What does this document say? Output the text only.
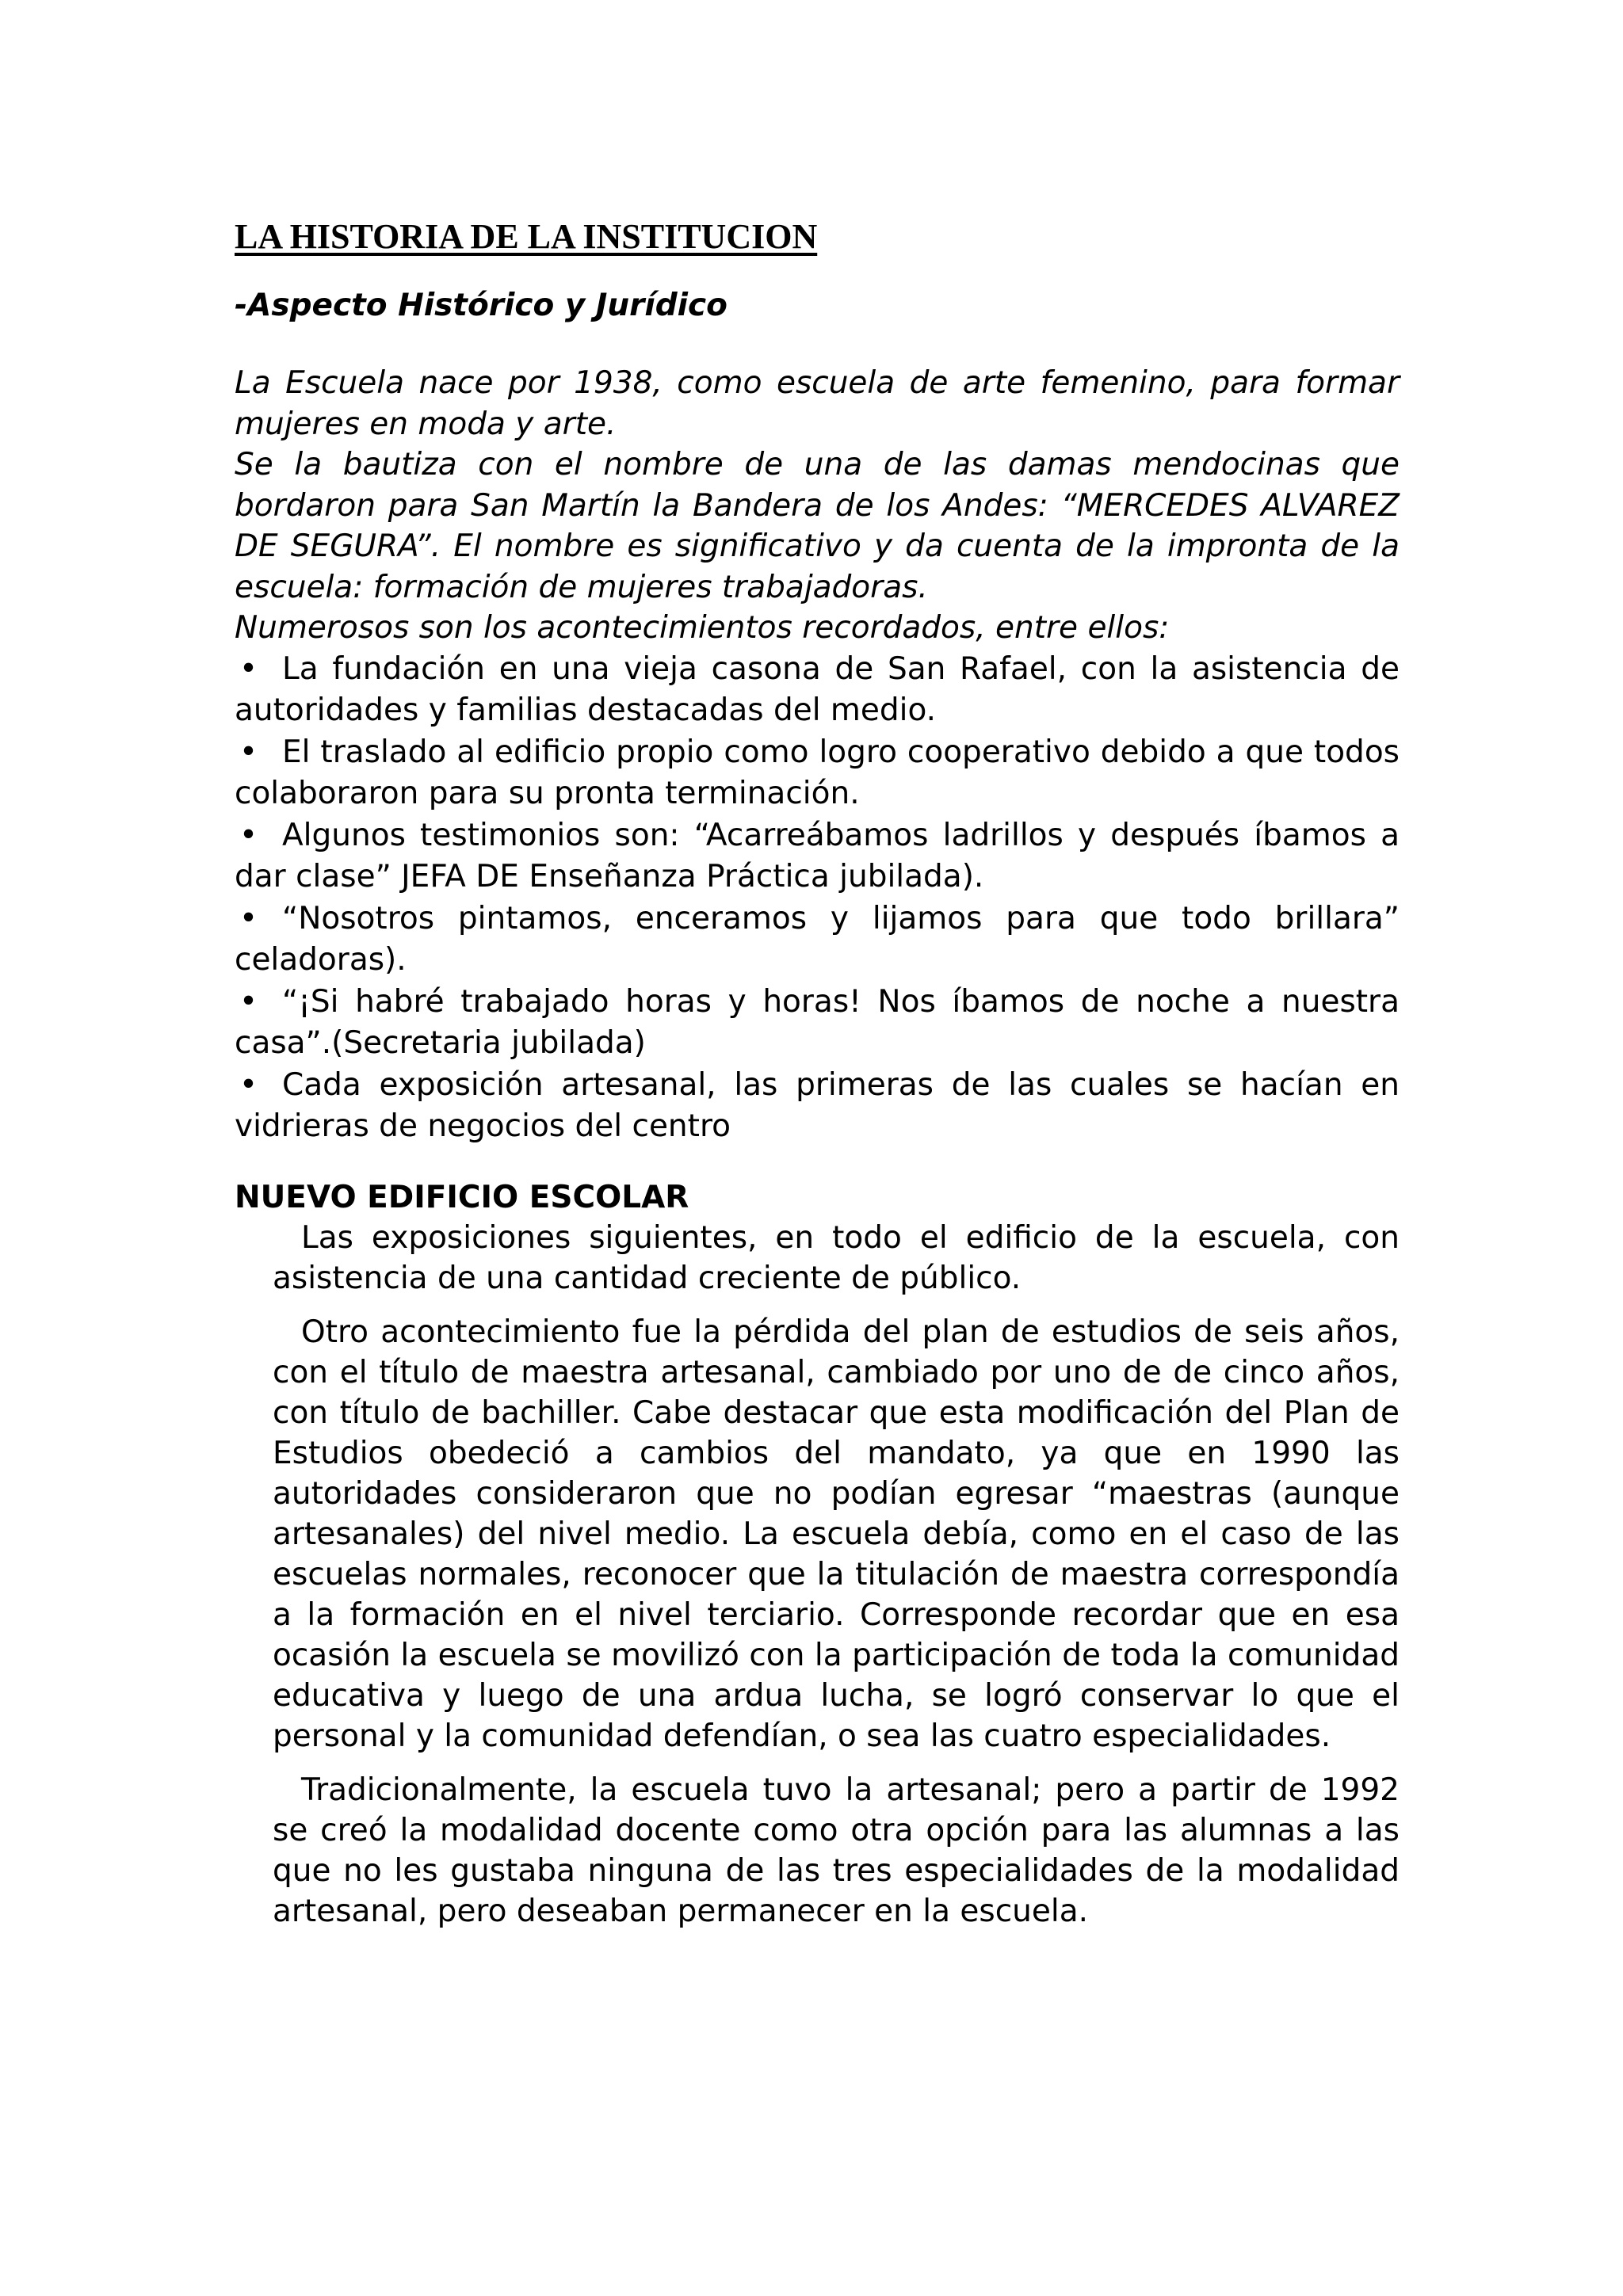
LA HISTORIA DE LA INSTITUCION
-Aspecto Histórico y Jurídico

La Escuela nace por 1938, como escuela de arte femenino, para formar mujeres en moda y arte.

Se la bautiza con el nombre de una de las damas mendocinas que bordaron para San Martín la Bandera de los Andes: “MERCEDES ALVAREZ DE SEGURA”. El nombre es significativo y da cuenta de la impronta de la escuela: formación de mujeres trabajadoras.

Numerosos son los acontecimientos recordados, entre ellos:

• La fundación en una vieja casona de San Rafael, con la asistencia de autoridades y familias destacadas del medio.
• El traslado al edificio propio como logro cooperativo debido a que todos colaboraron para su pronta terminación.
• Algunos testimonios son: “Acarreábamos ladrillos y después íbamos a dar clase” JEFA DE Enseñanza Práctica jubilada).
• “Nosotros pintamos, enceramos y lijamos para que todo brillara” celadoras).
• “¡Si habré trabajado horas y horas! Nos íbamos de noche a nuestra casa”.(Secretaria jubilada)
• Cada exposición artesanal, las primeras de las cuales se hacían en vidrieras de negocios del centro
NUEVO EDIFICIO ESCOLAR

Las exposiciones siguientes, en todo el edificio de la escuela, con asistencia de una cantidad creciente de público.

Otro acontecimiento fue la pérdida del plan de estudios de seis años, con el título de maestra artesanal, cambiado por uno de de cinco años, con título de bachiller. Cabe destacar que esta modificación del Plan de Estudios obedeció a cambios del mandato, ya que en 1990 las autoridades consideraron que no podían egresar “maestras (aunque artesanales) del nivel medio. La escuela debía, como en el caso de las escuelas normales, reconocer que la titulación de maestra correspondía a la formación en el nivel terciario. Corresponde recordar que en esa ocasión la escuela se movilizó con la participación de toda la comunidad educativa y luego de una ardua lucha, se logró conservar lo que el personal y la comunidad defendían, o sea las cuatro especialidades.

Tradicionalmente, la escuela tuvo la artesanal; pero a partir de 1992 se creó la modalidad docente como otra opción para las alumnas a las que no les gustaba ninguna de las tres especialidades de la modalidad artesanal, pero deseaban permanecer en la escuela.
